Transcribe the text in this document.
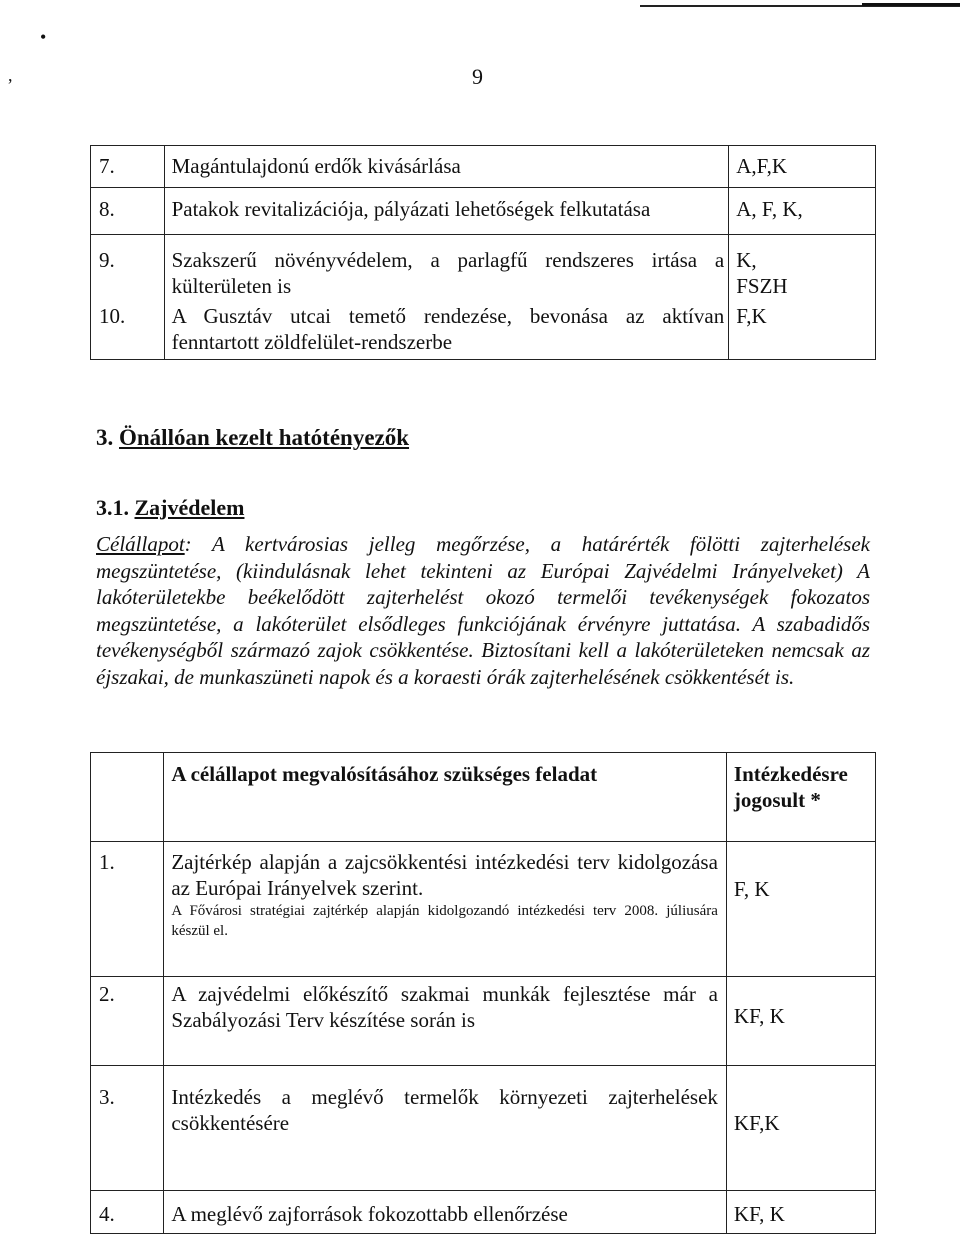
•
,	9
7.	Magántulajdonú erdők kivásárlása	A,F,K
8.	Patakok revitalizációja, pályázati lehetőségek felkutatása	A, F, K,
9.	Szakszerű növényvédelem, a parlagfű rendszeres irtása a külterületen is	K,
FSZH

10.	A Gusztáv utcai temető rendezése, bevonása az aktívan fenntartott zöldfelület-rendszerbe	F,K
3. Önállóan kezelt hatótényezők
3.1. Zajvédelem

Célállapot: A kertvárosias jelleg megőrzése, a határérték fölötti zajterhelések megszüntetése, (kiindulásnak lehet tekinteni az Európai Zajvédelmi Irányelveket) A lakóterületekbe beékelődött zajterhelést okozó termelői tevékenységek fokozatos megszüntetése, a lakóterület elsődleges funkciójának érvényre juttatása. A szabadidős tevékenységből származó zajok csökkentése. Biztosítani kell a lakóterületeken nemcsak az éjszakai, de munkaszüneti napok és a koraesti órák zajterhelésének csökkentését is.

	A célállapot megvalósításához szükséges feladat	Intézkedésre jogosult *
1.	Zajtérkép alapján a zajcsökkentési intézkedési terv kidolgozása az Európai Irányelvek szerint.
A Fővárosi stratégiai zajtérkép alapján kidolgozandó intézkedési terv 2008. júliusára készül el.	F, K
2.	A zajvédelmi előkészítő szakmai munkák fejlesztése már a Szabályozási Terv készítése során is	KF, K
3.	Intézkedés a meglévő termelők környezeti zajterhelések csökkentésére	KF,K
4.	A meglévő zajforrások fokozottabb ellenőrzése	KF, K
